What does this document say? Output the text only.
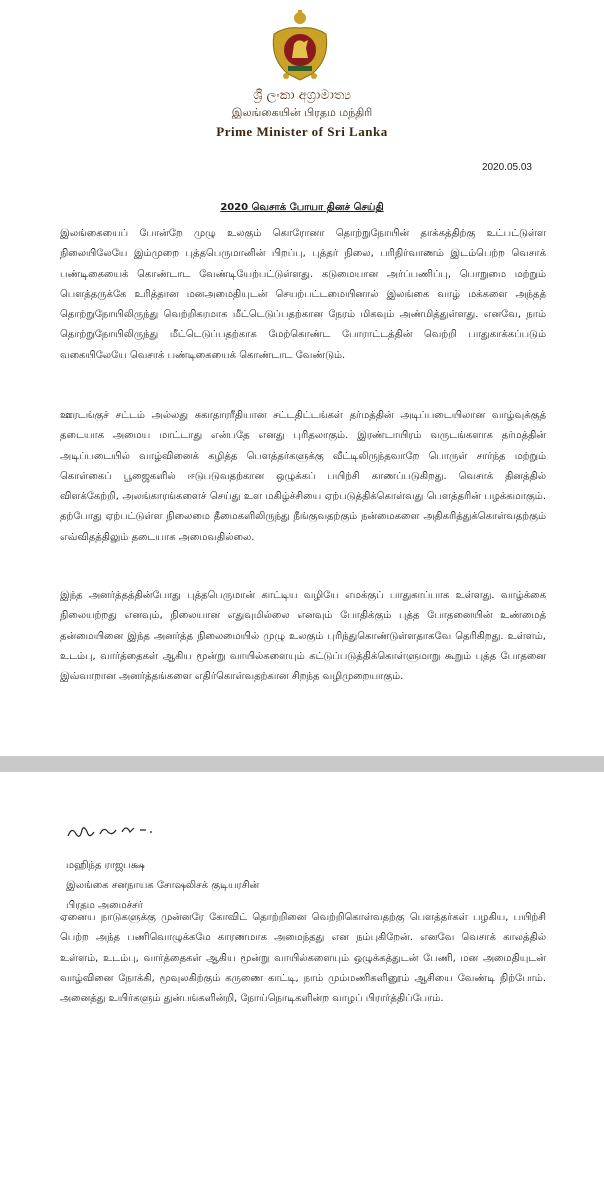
ශ්‍රී ලංකා අග්‍රාමාත්‍ය
இலங்கையின் பிரதம மந்திரி
Prime Minister of Sri Lanka
2020.05.03
2020 வெசாக் போயா தினச் செய்தி

இலங்கையைப் போன்றே முழு உலகும் கொரோனா தொற்றுநோயின் தாக்கத்திற்கு உட்பட்டுள்ள நிலையிலேயே இம்முறை புத்தபெருமானின் பிறப்பு, புத்தர் நிலை, பரிநிர்வாணம் இடம்பெற்ற வெசாக் பண்டிகையைக் கொண்டாட வேண்டியேற்பட்டுள்ளது. கடுமையான அர்ப்பணிப்பு, பொறுமை மற்றும் பௌத்தருக்கே உரித்தான மனஅமைதியுடன் செயற்பட்டமையினால் இலங்கை வாழ் மக்களை அந்தத் தொற்றுநோயிலிருந்து வெற்றிகரமாக மீட்டெடுப்பதற்கான நேரம் மிகவும் அண்மித்துள்ளது. எனவே, நாம் தொற்றுநோயிலிருந்து மீட்டெடுப்பதற்காக மேற்கொண்ட போராட்டத்தின் வெற்றி பாதுகாக்கப்படும் வகையிலேயே வெசாக் பண்டிகையைக் கொண்டாட வேண்டும்.

ஊரடங்குச் சட்டம் அல்லது சுகாதாரரீதியான சட்டதிட்டங்கள் தர்மத்தின் அடிப்படையிலான வாழ்வுக்குத் தடையாக அமைய மாட்டாது என்பதே எனது புரிதலாகும். இரண்டாயிரம் வருடங்களாக தர்மத்தின் அடிப்படையில் வாழ்வினைக் கழித்த பௌத்தர்களுக்கு வீட்டிலிருந்தவாறே பொருள் சார்ந்த மற்றும் கொள்கைப் பூஜைகளில் ஈடுபடுவதற்கான ஒழுக்கப் பயிற்சி காணப்படுகிறது. வெசாக் தினத்தில் விளக்கேற்றி, அலங்காரங்களைச் செய்து உள மகிழ்ச்சியை ஏற்படுத்திக்கொள்வது பௌத்தரின் பழக்கமாகும். தற்போது ஏற்பட்டுள்ள நிலைமை தீமைகளிலிருந்து நீங்குவதற்கும் நன்மைகளை அதிகரித்துக்கொள்வதற்கும் எவ்விதத்திலும் தடையாக அமைவதில்லை.

இந்த அனர்த்தத்தின்போது புத்தபெருமான் காட்டிய வழியே எமக்குப் பாதுகாப்பாக உள்ளது. வாழ்க்கை நிலையற்றது எனவும், நிலையான எதுவுமில்லை எனவும் போதிக்கும் புத்த போதனையின் உண்மைத் தன்மையினை இந்த அனர்த்த நிலைமையில் முழு உலகும் புரிந்துகொண்டுள்ளதாகவே தெரிகிறது. உள்ளம், உடம்பு, வார்த்தைகள் ஆகிய மூன்று வாயில்களையும் கட்டுப்படுத்திக்கொள்ளுமாறு கூறும் புத்த போதனை இவ்வாறான அனர்த்தங்களை எதிர்கொள்வதற்கான சிறந்த வழிமுறையாகும்.

ஏனைய நாடுகளுக்கு முன்னரே கோவிட் தொற்றினை வெற்றிகொள்வதற்கு பௌத்தர்கள் பழகிய, பயிற்சி பெற்ற அந்த பணிவொழுக்கமே காரணமாக அமைந்தது என நம்புகிறேன். எனவே வெசாக் காலத்தில் உள்ளம், உடம்பு, வார்த்தைகள் ஆகிய மூன்று வாயில்களையும் ஒழுக்கத்துடன் பேணி, மன அமைதியுடன் வாழ்வினை நோக்கி, மூவுலகிற்கும் கருணை காட்டி, நாம் மும்மணிகளினூம் ஆசியை வேண்டி நிற்போம். அனைத்து உயிர்களும் துன்பங்களின்றி, நோய்நொடிகளின்ற வாழப் பிரார்த்திப்போம்.

மஹிந்த ராஜபக்ஷ
இலங்கை சனநாயக சோஷலிசக் குடியரசின்
பிரதம அமைச்சர்
